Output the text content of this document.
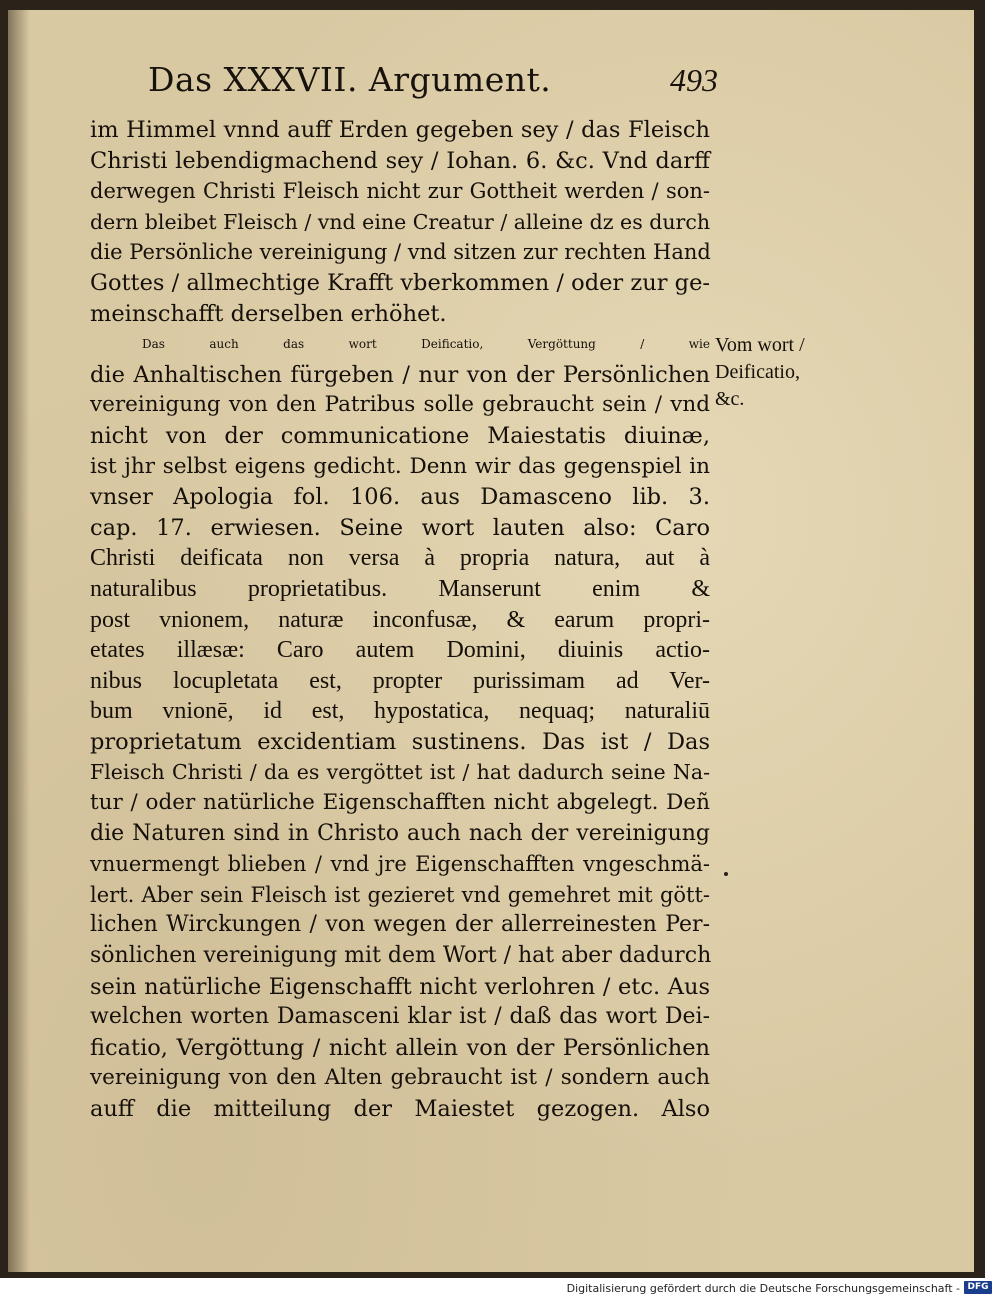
Das XXXVII. Argument.	493
im Himmel vnnd auff Erden gegeben sey / das Fleisch
Christi lebendigmachend sey / Iohan. 6. &c. Vnd darff
derwegen Christi Fleisch nicht zur Gottheit werden / son-
dern bleibet Fleisch / vnd eine Creatur / alleine dz es durch
die Persönliche vereinigung / vnd sitzen zur rechten Hand
Gottes / allmechtige Krafft vberkommen / oder zur ge-
meinschafft derselben erhöhet.
Das auch das wort Deificatio, Vergöttung / wie
die Anhaltischen fürgeben / nur von der Persönlichen
vereinigung von den Patribus solle gebraucht sein / vnd
nicht von der communicatione Maiestatis diuinæ,
ist jhr selbst eigens gedicht. Denn wir das gegenspiel in
vnser Apologia fol. 106. aus Damasceno lib. 3.
cap. 17. erwiesen. Seine wort lauten also: Caro
Christi deificata non versa à propria natura, aut à
naturalibus proprietatibus. Manserunt enim &
post vnionem, naturæ inconfusæ, & earum propri-
etates illæsæ: Caro autem Domini, diuinis actio-
nibus locupletata est, propter purissimam ad Ver-
bum vnionē, id est, hypostatica, nequaq; naturaliū
proprietatum excidentiam sustinens. Das ist / Das
Fleisch Christi / da es vergöttet ist / hat dadurch seine Na-
tur / oder natürliche Eigenschafften nicht abgelegt. Deñ
die Naturen sind in Christo auch nach der vereinigung
vnuermengt blieben / vnd jre Eigenschafften vngeschmä-
lert. Aber sein Fleisch ist gezieret vnd gemehret mit gött-
lichen Wirckungen / von wegen der allerreinesten Per-
sönlichen vereinigung mit dem Wort / hat aber dadurch
sein natürliche Eigenschafft nicht verlohren / etc. Aus
welchen worten Damasceni klar ist / daß das wort Dei-
ficatio, Vergöttung / nicht allein von der Persönlichen
vereinigung von den Alten gebraucht ist / sondern auch
auff die mitteilung der Maiestet gezogen. Also
Vom wort /
Deificatio,
&c.
Digitalisierung gefördert durch die Deutsche Forschungsgemeinschaft - DFG
